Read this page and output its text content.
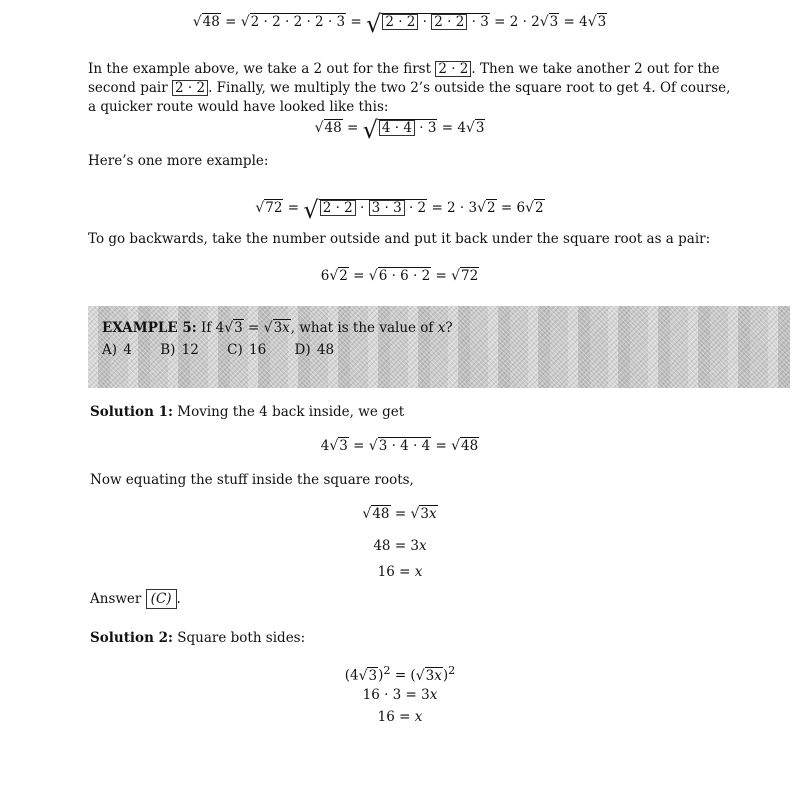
√48 = √2 · 2 · 2 · 2 · 3 = √ 2 · 2 · 2 · 2 · 3 = 2 · 2√3 = 4√3

In the example above, we take a 2 out for the first 2 · 2 . Then we take another 2 out for the second pair 2 · 2 . Finally, we multiply the two 2’s outside the square root to get 4. Of course, a quicker route would have looked like this:

√48 = √ 4 · 4 · 3 = 4√3

Here’s one more example:

√72 = √ 2 · 2 · 3 · 3 · 2 = 2 · 3√2 = 6√2

To go backwards, take the number outside and put it back under the square root as a pair:

6√2 = √6 · 6 · 2 = √72
EXAMPLE 5: If 4√3 = √3x, what is the value of x?
A) 4 B) 12 C) 16 D) 48

Solution 1: Moving the 4 back inside, we get

4√3 = √3 · 4 · 4 = √48

Now equating the stuff inside the square roots,

√48 = √3x
48 = 3x
16 = x

Answer (C) .

Solution 2: Square both sides:

$(4√3)^2 = (√3x)^2$
16 · 3 = 3x
16 = x
